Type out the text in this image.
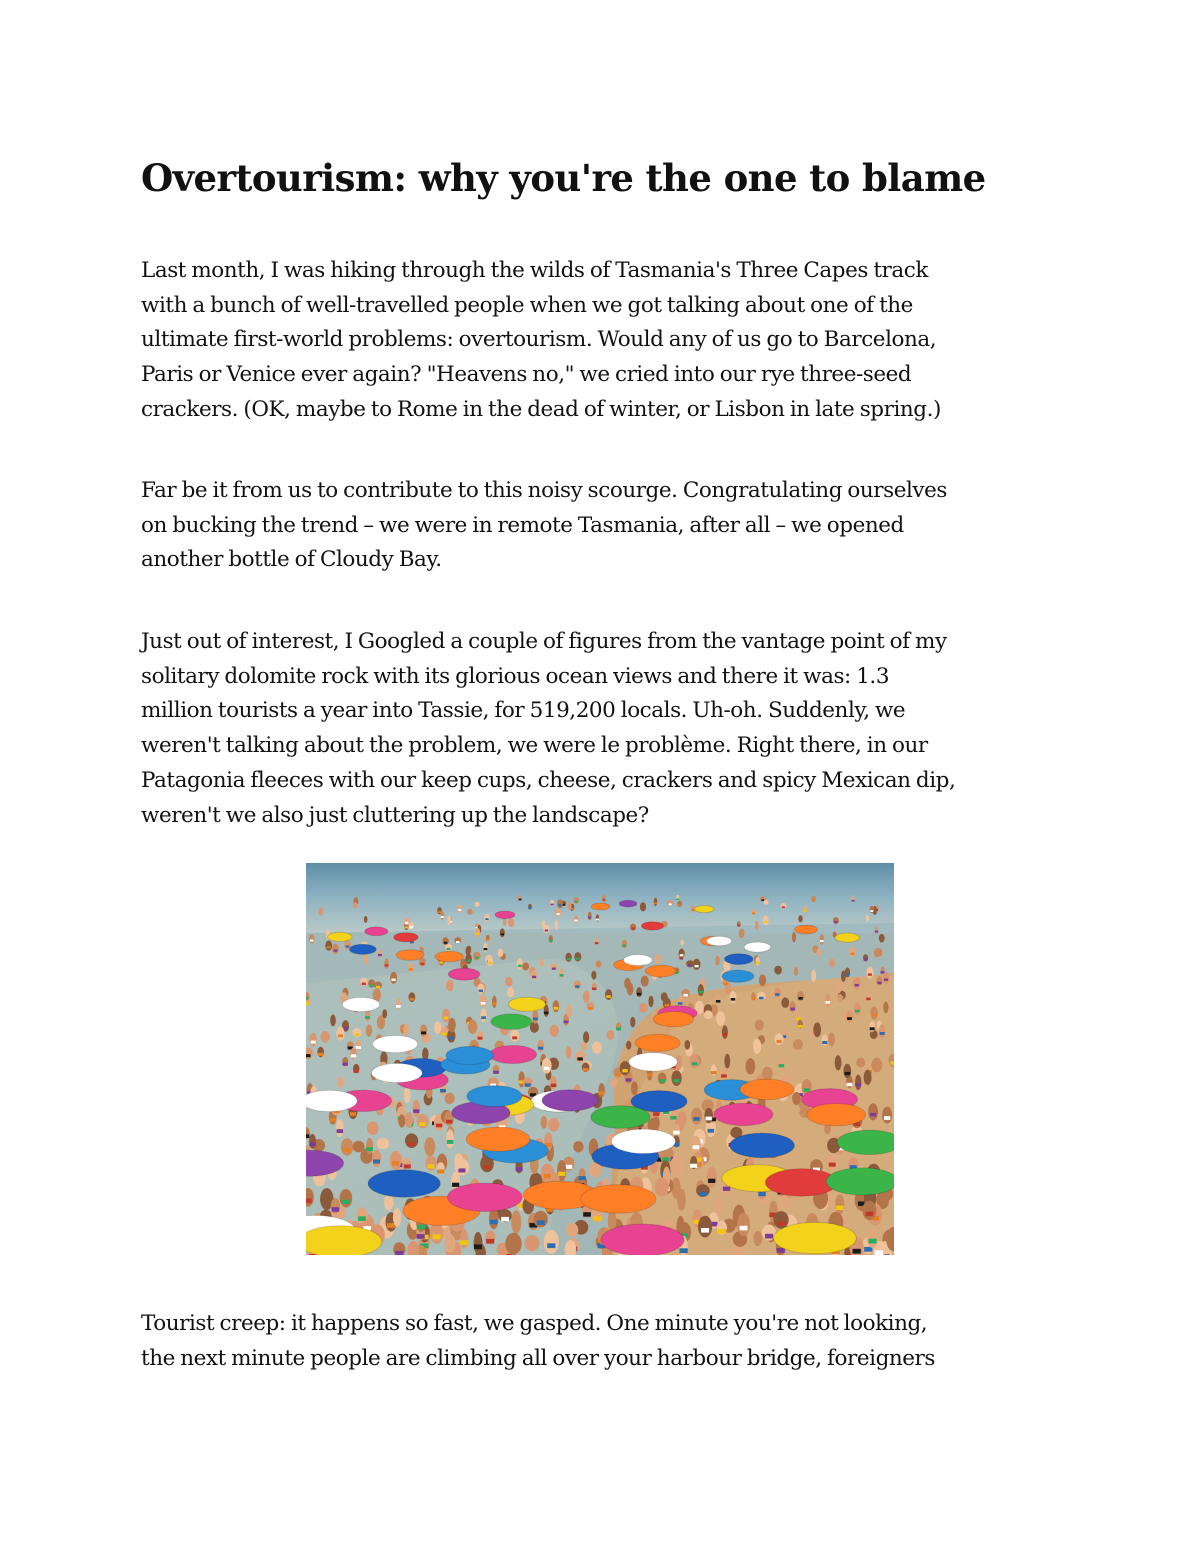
Overtourism: why you're the one to blame

Last month, I was hiking through the wilds of Tasmania's Three Capes track
with a bunch of well-travelled people when we got talking about one of the
ultimate first-world problems: overtourism. Would any of us go to Barcelona,
Paris or Venice ever again? "Heavens no," we cried into our rye three-seed
crackers. (OK, maybe to Rome in the dead of winter, or Lisbon in late spring.)

Far be it from us to contribute to this noisy scourge. Congratulating ourselves
on bucking the trend – we were in remote Tasmania, after all – we opened
another bottle of Cloudy Bay.

Just out of interest, I Googled a couple of figures from the vantage point of my
solitary dolomite rock with its glorious ocean views and there it was: 1.3
million tourists a year into Tassie, for 519,200 locals. Uh-oh. Suddenly, we
weren't talking about the problem, we were le problème. Right there, in our
Patagonia fleeces with our keep cups, cheese, crackers and spicy Mexican dip,
weren't we also just cluttering up the landscape?

Tourist creep: it happens so fast, we gasped. One minute you're not looking,
the next minute people are climbing all over your harbour bridge, foreigners
